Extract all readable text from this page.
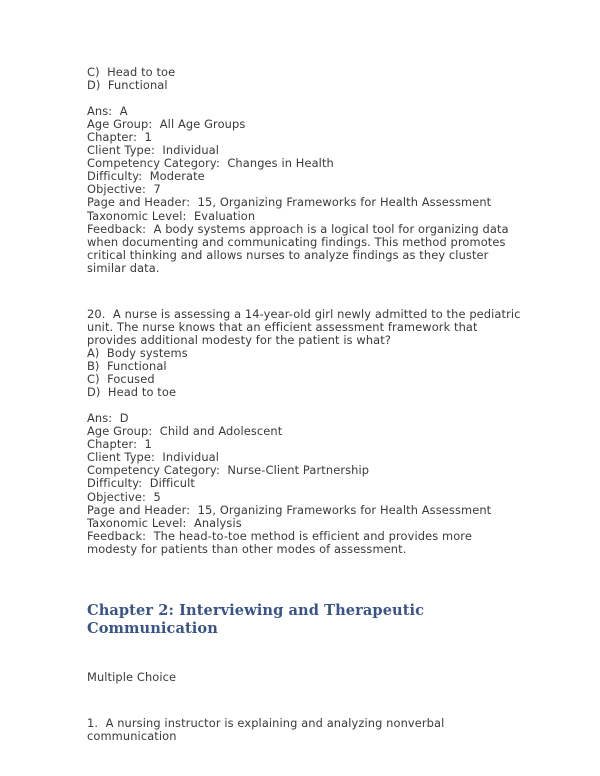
C)  Head to toe
D)  Functional
Ans:  A
Age Group:  All Age Groups
Chapter:  1
Client Type:  Individual
Competency Category:  Changes in Health
Difficulty:  Moderate
Objective:  7
Page and Header:  15, Organizing Frameworks for Health Assessment
Taxonomic Level:  Evaluation

Feedback:  A body systems approach is a logical tool for organizing data when documenting and communicating findings. This method promotes critical thinking and allows nurses to analyze findings as they cluster similar data.

20.  A nurse is assessing a 14-year-old girl newly admitted to the pediatric unit. The nurse knows that an efficient assessment framework that provides additional modesty for the patient is what?

A)  Body systems
B)  Functional
C)  Focused
D)  Head to toe
Ans:  D
Age Group:  Child and Adolescent
Chapter:  1
Client Type:  Individual
Competency Category:  Nurse-Client Partnership
Difficulty:  Difficult
Objective:  5
Page and Header:  15, Organizing Frameworks for Health Assessment
Taxonomic Level:  Analysis

Feedback:  The head-to-toe method is efficient and provides more modesty for patients than other modes of assessment.

Chapter 2: Interviewing and Therapeutic Communication
Multiple Choice
1.  A nursing instructor is explaining and analyzing nonverbal communication
